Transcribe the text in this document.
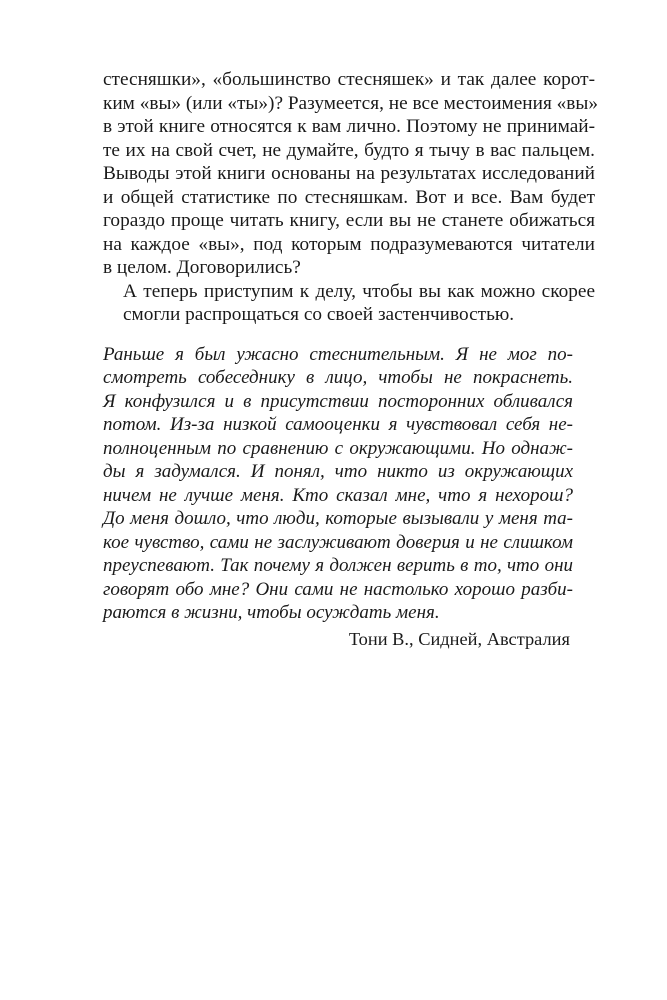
стесняшки», «большинство стесняшек» и так далее корот-
ким «вы» (или «ты»)? Разумеется, не все местоимения «вы»
в этой книге относятся к вам лично. Поэтому не принимай-
те их на свой счет, не думайте, будто я тычу в вас пальцем.
Выводы этой книги основаны на результатах исследований
и общей статистике по стесняшкам. Вот и все. Вам будет
гораздо проще читать книгу, если вы не станете обижаться
на каждое «вы», под которым подразумеваются читатели
в целом. Договорились?
А теперь приступим к делу, чтобы вы как можно скорее
смогли распрощаться со своей застенчивостью.
Раньше я был ужасно стеснительным. Я не мог по-
смотреть собеседнику в лицо, чтобы не покраснеть.
Я конфузился и в присутствии посторонних обливался
потом. Из-за низкой самооценки я чувствовал себя не-
полноценным по сравнению с окружающими. Но однаж-
ды я задумался. И понял, что никто из окружающих
ничем не лучше меня. Кто сказал мне, что я нехорош?
До меня дошло, что люди, которые вызывали у меня та-
кое чувство, сами не заслуживают доверия и не слишком
преуспевают. Так почему я должен верить в то, что они
говорят обо мне? Они сами не настолько хорошо разби-
раются в жизни, чтобы осуждать меня.
Тони В., Сидней, Австралия
